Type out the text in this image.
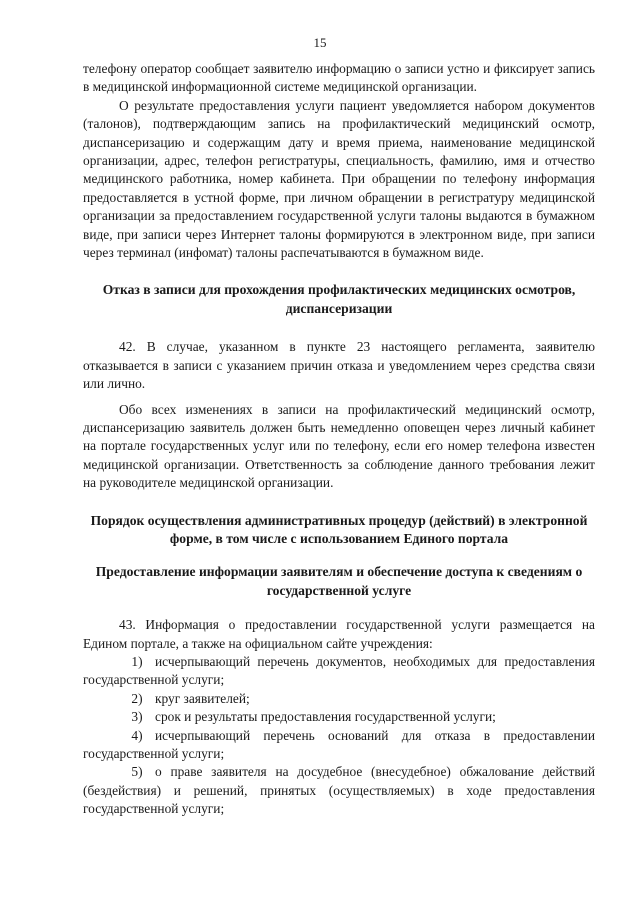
15

телефону оператор сообщает заявителю информацию о записи устно и фиксирует запись в медицинской информационной системе медицинской организации.

О результате предоставления услуги пациент уведомляется набором документов (талонов), подтверждающим запись на профилактический медицинский осмотр, диспансеризацию и содержащим дату и время приема, наименование медицинской организации, адрес, телефон регистратуры, специальность, фамилию, имя и отчество медицинского работника, номер кабинета. При обращении по телефону информация предоставляется в устной форме, при личном обращении в регистратуру медицинской организации за предоставлением государственной услуги талоны выдаются в бумажном виде, при записи через Интернет талоны формируются в электронном виде, при записи через терминал (инфомат) талоны распечатываются в бумажном виде.

Отказ в записи для прохождения профилактических медицинских осмотров, диспансеризации

42. В случае, указанном в пункте 23 настоящего регламента, заявителю отказывается в записи с указанием причин отказа и уведомлением через средства связи или лично.

Обо всех изменениях в записи на профилактический медицинский осмотр, диспансеризацию заявитель должен быть немедленно оповещен через личный кабинет на портале государственных услуг или по телефону, если его номер телефона известен медицинской организации. Ответственность за соблюдение данного требования лежит на руководителе медицинской организации.

Порядок осуществления административных процедур (действий) в электронной форме, в том числе с использованием Единого портала

Предоставление информации заявителям и обеспечение доступа к сведениям о государственной услуге

43. Информация о предоставлении государственной услуги размещается на Едином портале, а также на официальном сайте учреждения:

1) исчерпывающий перечень документов, необходимых для предоставления государственной услуги;

2) круг заявителей;

3) срок и результаты предоставления государственной услуги;

4) исчерпывающий перечень оснований для отказа в предоставлении государственной услуги;

5) о праве заявителя на досудебное (внесудебное) обжалование действий (бездействия) и решений, принятых (осуществляемых) в ходе предоставления государственной услуги;
